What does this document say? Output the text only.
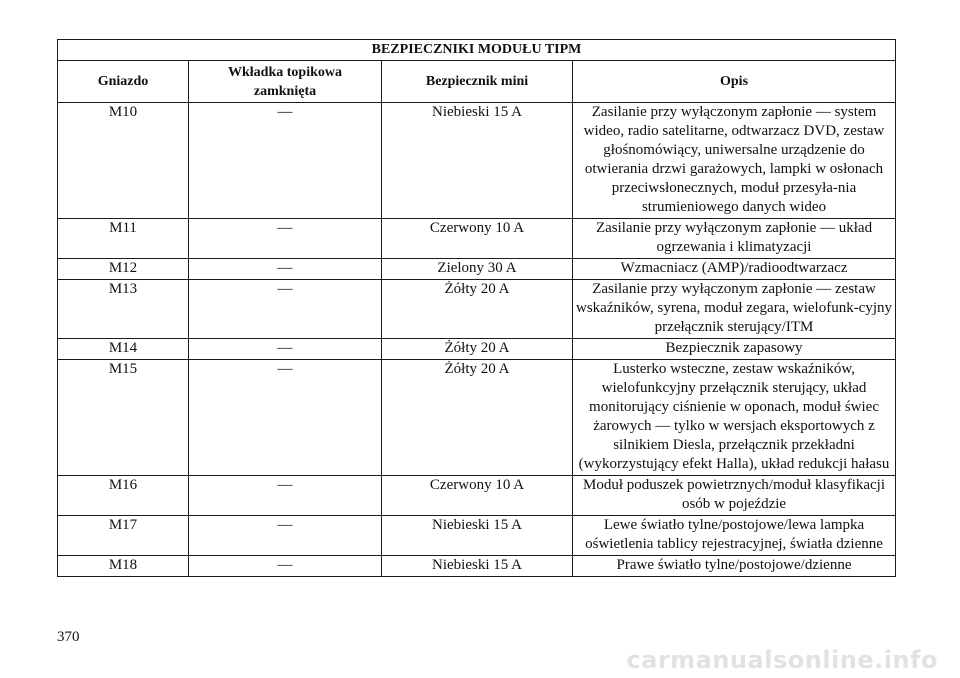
BEZPIECZNIKI MODUŁU TIPM			
Gniazdo	Wkładka topikowa zamknięta	Bezpiecznik mini	Opis
M10	—	Niebieski 15 A	Zasilanie przy wyłączonym zapłonie — system wideo, radio satelitarne, odtwarzacz DVD, zestaw głośnomówiący, uniwersalne urządzenie do otwierania drzwi garażowych, lampki w osłonach przeciwsłonecznych, moduł przesyła-nia strumieniowego danych wideo
M11	—	Czerwony 10 A	Zasilanie przy wyłączonym zapłonie — układ ogrzewania i klimatyzacji
M12	—	Zielony 30 A	Wzmacniacz (AMP)/radioodtwarzacz
M13	—	Żółty 20 A	Zasilanie przy wyłączonym zapłonie — zestaw wskaźników, syrena, moduł zegara, wielofunk-cyjny przełącznik sterujący/ITM
M14	—	Żółty 20 A	Bezpiecznik zapasowy
M15	—	Żółty 20 A	Lusterko wsteczne, zestaw wskaźników, wielofunkcyjny przełącznik sterujący, układ monitorujący ciśnienie w oponach, moduł świec żarowych — tylko w wersjach eksportowych z silnikiem Diesla, przełącznik przekładni (wykorzystujący efekt Halla), układ redukcji hałasu
M16	—	Czerwony 10 A	Moduł poduszek powietrznych/moduł klasyfikacji osób w pojeździe
M17	—	Niebieski 15 A	Lewe światło tylne/postojowe/lewa lampka oświetlenia tablicy rejestracyjnej, światła dzienne
M18	—	Niebieski 15 A	Prawe światło tylne/postojowe/dzienne
370
carmanualsonline.info
